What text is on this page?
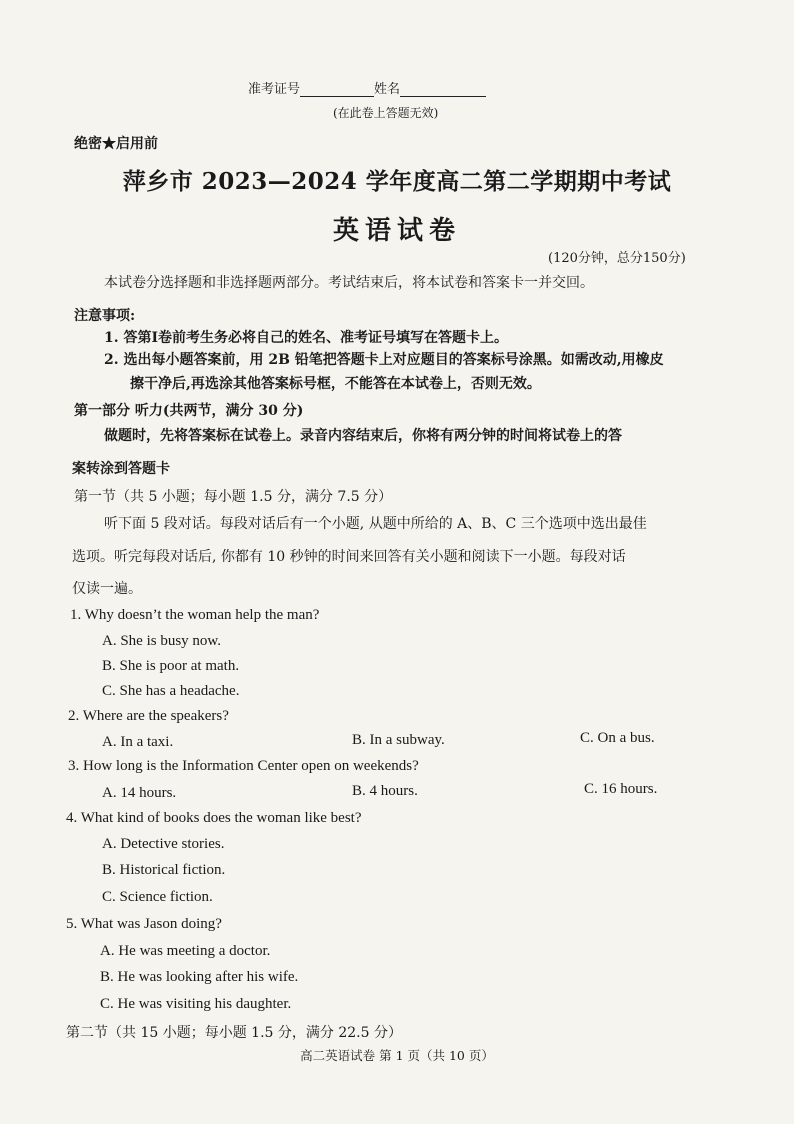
准考证号	姓名
(在此卷上答题无效)
绝密★启用前
萍乡市 2023—2024 学年度高二第二学期期中考试
英语试卷
(120分钟，总分150分)
本试卷分选择题和非选择题两部分。考试结束后，将本试卷和答案卡一并交回。
注意事项:
1. 答第Ⅰ卷前考生务必将自己的姓名、准考证号填写在答题卡上。
2. 选出每小题答案前，用 2B 铅笔把答题卡上对应题目的答案标号涂黑。如需改动,用橡皮
擦干净后,再选涂其他答案标号框，不能答在本试卷上，否则无效。
第一部分 听力(共两节，满分 30 分)
做题时，先将答案标在试卷上。录音内容结束后，你将有两分钟的时间将试卷上的答
案转涂到答题卡
第一节（共 5 小题；每小题 1.5 分，满分 7.5 分）
听下面 5 段对话。每段对话后有一个小题, 从题中所给的 A、B、C 三个选项中选出最佳
选项。听完每段对话后, 你都有 10 秒钟的时间来回答有关小题和阅读下一小题。每段对话
仅读一遍。
1. Why doesn’t the woman help the man?
A. She is busy now.
B. She is poor at math.
C. She has a headache.
2. Where are the speakers?
A. In a taxi.	B. In a subway.	C. On a bus.
3. How long is the Information Center open on weekends?
A. 14 hours.	B. 4 hours.	C. 16 hours.
4. What kind of books does the woman like best?
A. Detective stories.
B. Historical fiction.
C. Science fiction.
5. What was Jason doing?
A. He was meeting a doctor.
B. He was looking after his wife.
C. He was visiting his daughter.
第二节（共 15 小题；每小题 1.5 分，满分 22.5 分）
高二英语试卷 第 1 页（共 10 页）
